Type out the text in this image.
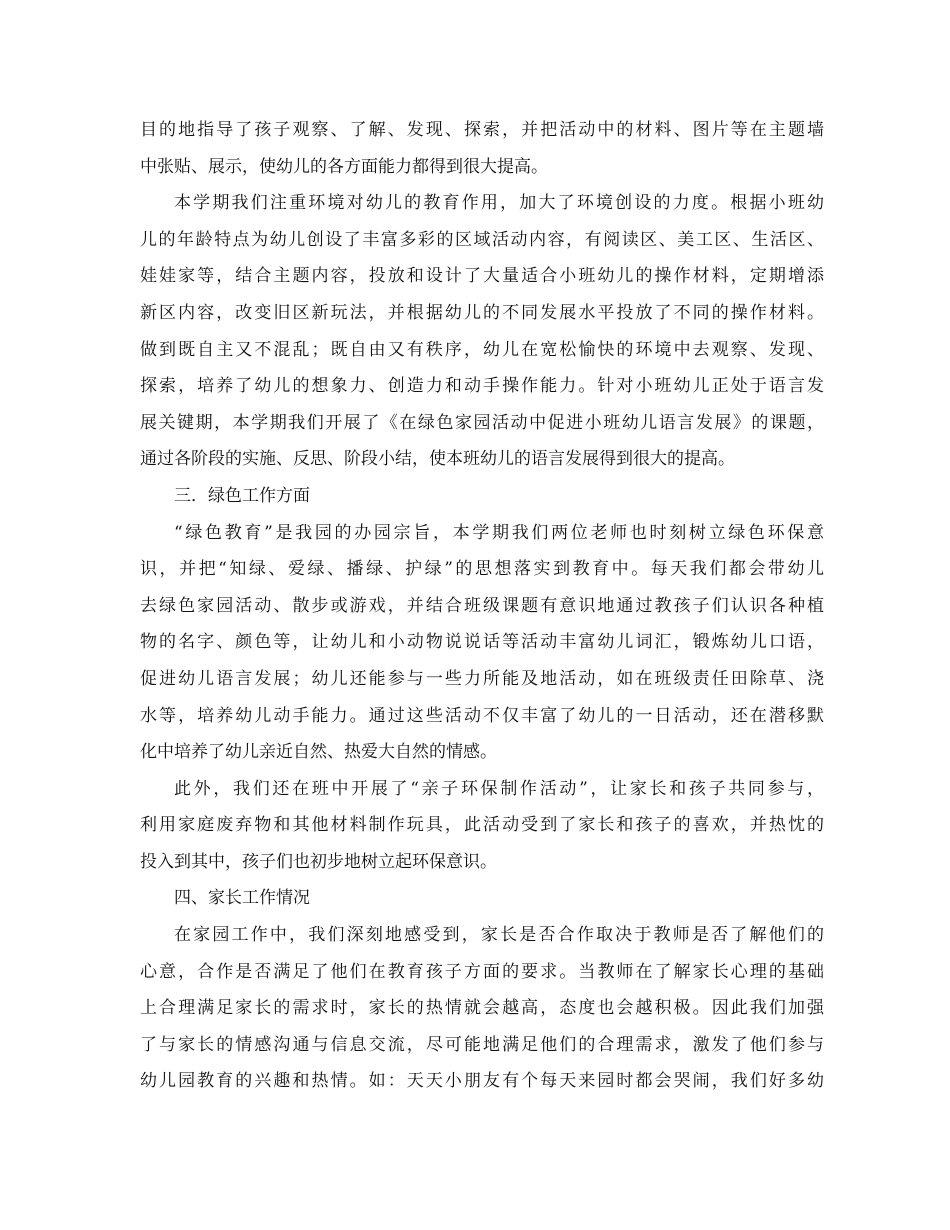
目的地指导了孩子观察、了解、发现、探索，并把活动中的材料、图片等在主题墙
中张贴、展示，使幼儿的各方面能力都得到很大提高。
本学期我们注重环境对幼儿的教育作用，加大了环境创设的力度。根据小班幼
儿的年龄特点为幼儿创设了丰富多彩的区域活动内容，有阅读区、美工区、生活区、
娃娃家等，结合主题内容，投放和设计了大量适合小班幼儿的操作材料，定期增添
新区内容，改变旧区新玩法，并根据幼儿的不同发展水平投放了不同的操作材料。
做到既自主又不混乱；既自由又有秩序，幼儿在宽松愉快的环境中去观察、发现、
探索，培养了幼儿的想象力、创造力和动手操作能力。针对小班幼儿正处于语言发
展关键期，本学期我们开展了《在绿色家园活动中促进小班幼儿语言发展》的课题，
通过各阶段的实施、反思、阶段小结，使本班幼儿的语言发展得到很大的提高。
三．绿色工作方面
“绿色教育”是我园的办园宗旨，本学期我们两位老师也时刻树立绿色环保意
识，并把“知绿、爱绿、播绿、护绿”的思想落实到教育中。每天我们都会带幼儿
去绿色家园活动、散步或游戏，并结合班级课题有意识地通过教孩子们认识各种植
物的名字、颜色等，让幼儿和小动物说说话等活动丰富幼儿词汇，锻炼幼儿口语，
促进幼儿语言发展；幼儿还能参与一些力所能及地活动，如在班级责任田除草、浇
水等，培养幼儿动手能力。通过这些活动不仅丰富了幼儿的一日活动，还在潜移默
化中培养了幼儿亲近自然、热爱大自然的情感。
此外，我们还在班中开展了“亲子环保制作活动”，让家长和孩子共同参与，
利用家庭废弃物和其他材料制作玩具，此活动受到了家长和孩子的喜欢，并热忱的
投入到其中，孩子们也初步地树立起环保意识。
四、家长工作情况
在家园工作中，我们深刻地感受到，家长是否合作取决于教师是否了解他们的
心意，合作是否满足了他们在教育孩子方面的要求。当教师在了解家长心理的基础
上合理满足家长的需求时，家长的热情就会越高，态度也会越积极。因此我们加强
了与家长的情感沟通与信息交流，尽可能地满足他们的合理需求，激发了他们参与
幼儿园教育的兴趣和热情。如：天天小朋友有个每天来园时都会哭闹，我们好多幼
